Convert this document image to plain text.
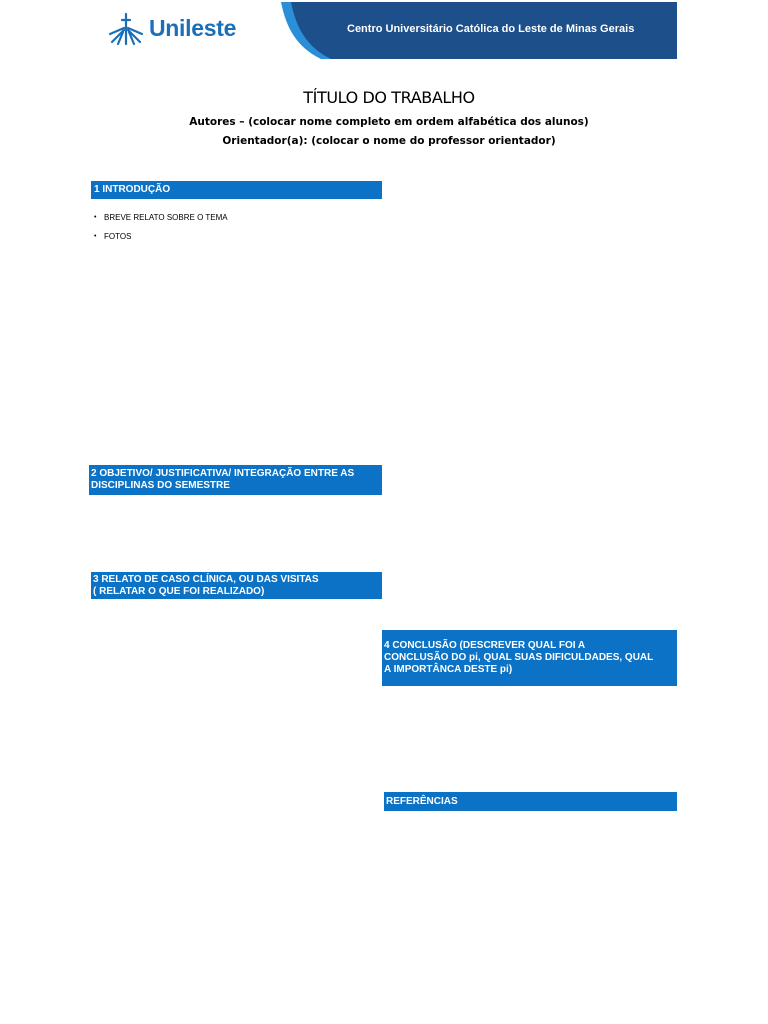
Unileste	Centro Universitário Católica do Leste de Minas Gerais
TÍTULO DO TRABALHO
Autores – (colocar nome completo em ordem alfabética dos alunos)
Orientador(a): (colocar o nome do professor orientador)
1 INTRODUÇÃO
• BREVE RELATO SOBRE O TEMA
• FOTOS
2 OBJETIVO/ JUSTIFICATIVA/ INTEGRAÇÃO ENTRE AS
DISCIPLINAS DO SEMESTRE
3 RELATO DE CASO CLÍNICA, OU DAS VISITAS
( RELATAR O QUE FOI REALIZADO)
4 CONCLUSÃO (DESCREVER QUAL FOI A
CONCLUSÃO DO pi, QUAL SUAS DIFICULDADES, QUAL
A IMPORTÂNCA DESTE pi)
REFERÊNCIAS
